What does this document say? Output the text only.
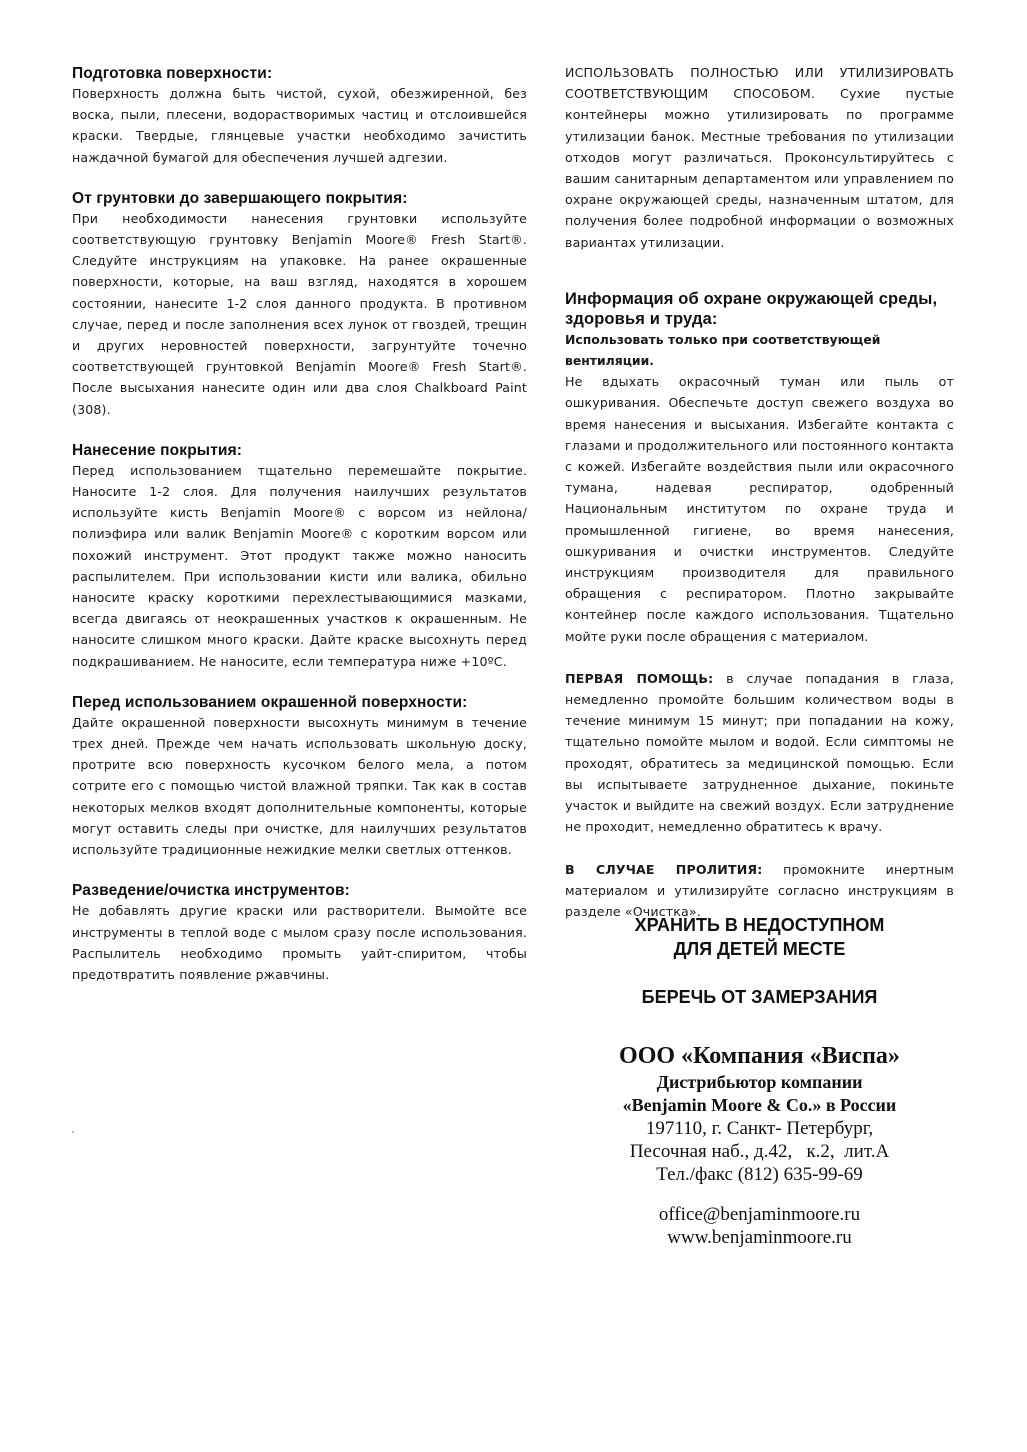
Подготовка поверхности:

Поверхность должна быть чистой, сухой, обезжиренной, без воска, пыли, плесени, водорастворимых частиц и отслоившейся краски. Твердые, глянцевые участки необходимо зачистить наждачной бумагой для обеспечения лучшей адгезии.

От грунтовки до завершающего покрытия:

При необходимости нанесения грунтовки используйте соответствующую грунтовку Benjamin Moore® Fresh Start®. Следуйте инструкциям на упаковке. На ранее окрашенные поверхности, которые, на ваш взгляд, находятся в хорошем состоянии, нанесите 1-2 слоя данного продукта. В противном случае, перед и после заполнения всех лунок от гвоздей, трещин и других неровностей поверхности, загрунтуйте точечно соответствующей грунтовкой Benjamin Moore® Fresh Start®. После высыхания нанесите один или два слоя Chalkboard Paint (308).

Нанесение покрытия:

Перед использованием тщательно перемешайте покрытие. Наносите 1-2 слоя. Для получения наилучших результатов используйте кисть Benjamin Moore® с ворсом из нейлона/полиэфира или валик Benjamin Moore® с коротким ворсом или похожий инструмент. Этот продукт также можно наносить распылителем. При использовании кисти или валика, обильно наносите краску короткими перехлестывающимися мазками, всегда двигаясь от неокрашенных участков к окрашенным. Не наносите слишком много краски. Дайте краске высохнуть перед подкрашиванием. Не наносите, если температура ниже +10ºC.

Перед использованием окрашенной поверхности:

Дайте окрашенной поверхности высохнуть минимум в течение трех дней. Прежде чем начать использовать школьную доску, протрите всю поверхность кусочком белого мела, а потом сотрите его с помощью чистой влажной тряпки. Так как в состав некоторых мелков входят дополнительные компоненты, которые могут оставить следы при очистке, для наилучших результатов используйте традиционные нежидкие мелки светлых оттенков.

Разведение/очистка инструментов:

Не добавлять другие краски или растворители. Вымойте все инструменты в теплой воде с мылом сразу после использования. Распылитель необходимо промыть уайт-спиритом, чтобы предотвратить появление ржавчины.

ИСПОЛЬЗОВАТЬ ПОЛНОСТЬЮ ИЛИ УТИЛИЗИРОВАТЬ СООТВЕТСТВУЮЩИМ СПОСОБОМ. Сухие пустые контейнеры можно утилизировать по программе утилизации банок. Местные требования по утилизации отходов могут различаться. Проконсультируйтесь с вашим санитарным департаментом или управлением по охране окружающей среды, назначенным штатом, для получения более подробной информации о возможных вариантах утилизации.

Информация об охране окружающей среды, здоровья и труда:
Использовать только при соответствующей вентиляции.

Не вдыхать окрасочный туман или пыль от ошкуривания. Обеспечьте доступ свежего воздуха во время нанесения и высыхания. Избегайте контакта с глазами и продолжительного или постоянного контакта с кожей. Избегайте воздействия пыли или окрасочного тумана, надевая респиратор, одобренный Национальным институтом по охране труда и промышленной гигиене, во время нанесения, ошкуривания и очистки инструментов. Следуйте инструкциям производителя для правильного обращения с респиратором. Плотно закрывайте контейнер после каждого использования. Тщательно мойте руки после обращения с материалом.

ПЕРВАЯ ПОМОЩЬ: в случае попадания в глаза, немедленно промойте большим количеством воды в течение минимум 15 минут; при попадании на кожу, тщательно помойте мылом и водой. Если симптомы не проходят, обратитесь за медицинской помощью. Если вы испытываете затрудненное дыхание, покиньте участок и выйдите на свежий воздух. Если затруднение не проходит, немедленно обратитесь к врачу.

В СЛУЧАЕ ПРОЛИТИЯ: промокните инертным материалом и утилизируйте согласно инструкциям в разделе «Очистка».

ХРАНИТЬ В НЕДОСТУПНОМ
ДЛЯ ДЕТЕЙ МЕСТЕ
БЕРЕЧЬ ОТ ЗАМЕРЗАНИЯ
ООО «Компания «Виспа»
Дистрибьютор компании
«Benjamin Moore & Co.» в России
197110, г. Санкт- Петербург,
Песочная наб., д.42,   к.2,  лит.А
Тел./факс (812) 635-99-69
office@benjaminmoore.ru
www.benjaminmoore.ru
